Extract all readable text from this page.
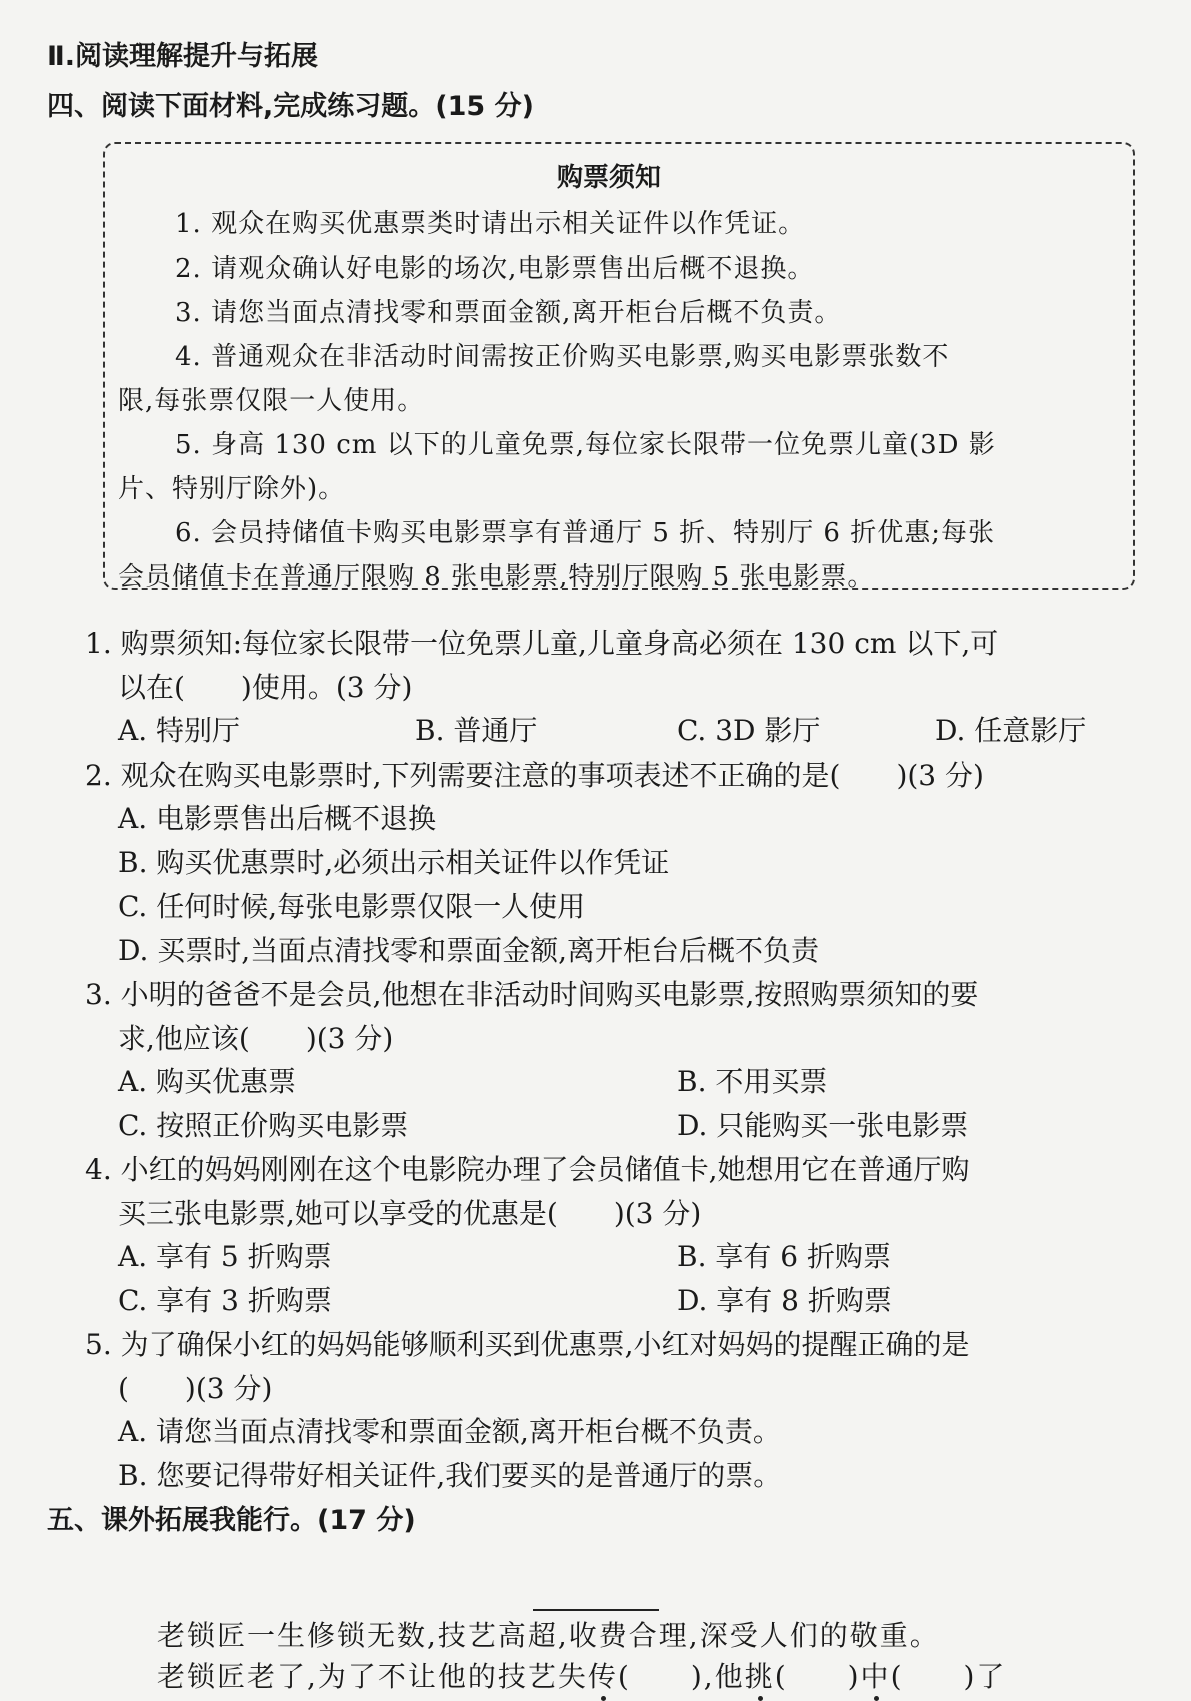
Ⅱ.阅读理解提升与拓展
四、阅读下面材料,完成练习题。(15 分)
购票须知
1. 观众在购买优惠票类时请出示相关证件以作凭证。
2. 请观众确认好电影的场次,电影票售出后概不退换。
3. 请您当面点清找零和票面金额,离开柜台后概不负责。
4. 普通观众在非活动时间需按正价购买电影票,购买电影票张数不
限,每张票仅限一人使用。
5. 身高 130 cm 以下的儿童免票,每位家长限带一位免票儿童(3D 影
片、特别厅除外)。
6. 会员持储值卡购买电影票享有普通厅 5 折、特别厅 6 折优惠;每张
会员储值卡在普通厅限购 8 张电影票,特别厅限购 5 张电影票。
1. 购票须知:每位家长限带一位免票儿童,儿童身高必须在 130 cm 以下,可
以在(　　)使用。(3 分)
A. 特别厅	B. 普通厅	C. 3D 影厅	D. 任意影厅
2. 观众在购买电影票时,下列需要注意的事项表述不正确的是(　　)(3 分)
A. 电影票售出后概不退换
B. 购买优惠票时,必须出示相关证件以作凭证
C. 任何时候,每张电影票仅限一人使用
D. 买票时,当面点清找零和票面金额,离开柜台后概不负责
3. 小明的爸爸不是会员,他想在非活动时间购买电影票,按照购票须知的要
求,他应该(　　)(3 分)
A. 购买优惠票	B. 不用买票
C. 按照正价购买电影票	D. 只能购买一张电影票
4. 小红的妈妈刚刚在这个电影院办理了会员储值卡,她想用它在普通厅购
买三张电影票,她可以享受的优惠是(　　)(3 分)
A. 享有 5 折购票	B. 享有 6 折购票
C. 享有 3 折购票	D. 享有 8 折购票
5. 为了确保小红的妈妈能够顺利买到优惠票,小红对妈妈的提醒正确的是
(　　)(3 分)
A. 请您当面点清找零和票面金额,离开柜台概不负责。
B. 您要记得带好相关证件,我们要买的是普通厅的票。
五、课外拓展我能行。(17 分)
老锁匠一生修锁无数,技艺高超,收费合理,深受人们的敬重。
老锁匠老了,为了不让他的技艺失传(　　),他挑(　　)中(　　)了
